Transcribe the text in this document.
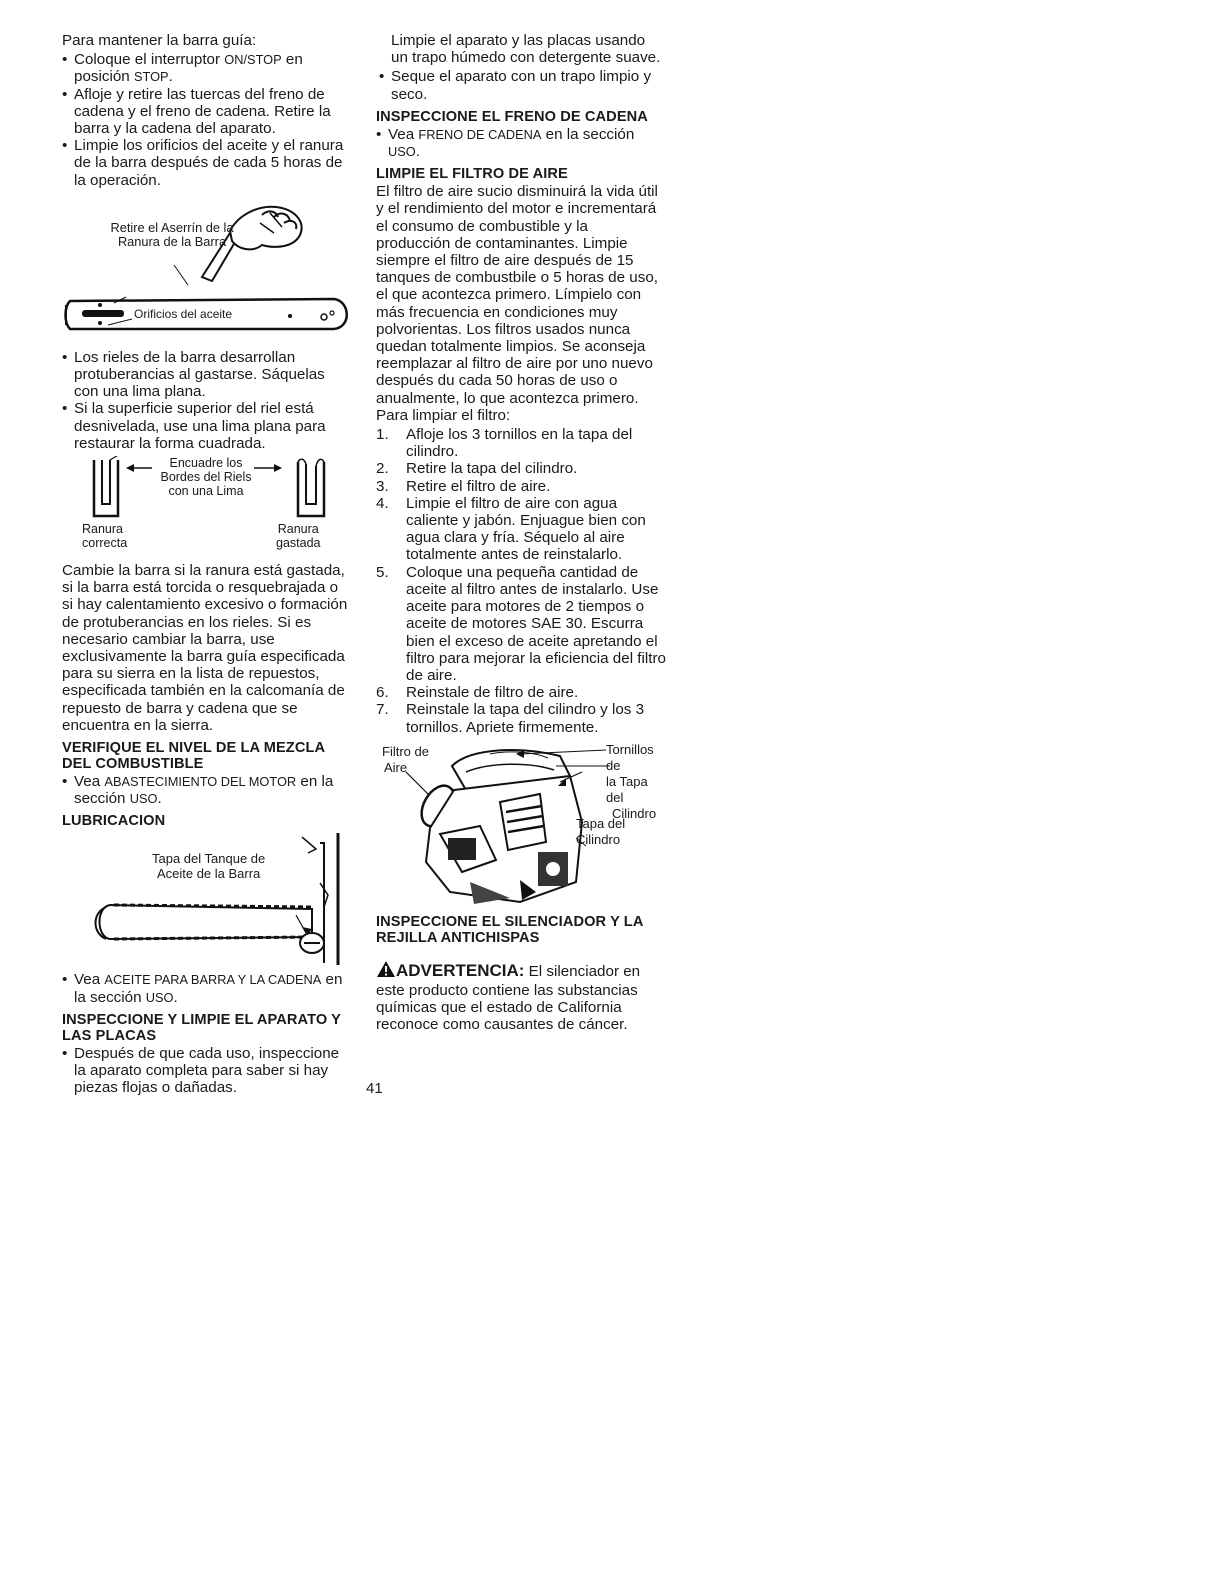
Para mantener la barra guía:

• Coloque el interruptor ON/STOP en posición STOP.
• Afloje y retire las tuercas del freno de cadena y el freno de cadena. Retire la barra y la cadena del aparato.
• Limpie los orificios del aceite y el ranura de la barra después de cada 5 horas de la operación.
Retire el Aserrín de la
Ranura de la Barra
Orificios del aceite
• Los rieles de la barra desarrollan protuberancias al gastarse. Sáquelas con una lima plana.
• Si la superficie superior del riel está desnivelada, use una lima plana para restaurar la forma cuadrada.
Encuadre los
Bordes del Riels
con una Lima
Ranura
correcta
Ranura
gastada

Cambie la barra si la ranura está gastada, si la barra está torcida o resquebrajada o si hay calentamiento excesivo o formación de protuberancias en los rieles. Si es necesario cambiar la barra, use exclusivamente la barra guía especificada para su sierra en la lista de repuestos, especificada también en la calcomanía de repuesto de barra y cadena que se encuentra en la sierra.

VERIFIQUE EL NIVEL DE LA MEZCLA DEL COMBUSTIBLE

• Vea ABASTECIMIENTO DEL MOTOR en la sección USO.

LUBRICACION

Tapa del Tanque de
Aceite de la Barra
• Vea ACEITE PARA BARRA Y LA CADENA en la sección USO.

INSPECCIONE Y LIMPIE EL APARATO Y LAS PLACAS

• Después de que cada uso, inspeccione la aparato completa para saber si hay piezas flojas o dañadas.

Limpie el aparato y las placas usando un trapo húmedo con detergente suave.

• Seque el aparato con un trapo limpio y seco.

INSPECCIONE EL FRENO DE CADENA

• Vea FRENO DE CADENA en la sección USO.

LIMPIE EL FILTRO DE AIRE

El filtro de aire sucio disminuirá la vida útil y el rendimiento del motor e incrementará el consumo de combustible y la producción de contaminantes. Limpie siempre el filtro de aire después de 15 tanques de combustbile o 5 horas de uso, el que acontezca primero. Límpielo con más frecuencia en condiciones muy polvorientas. Los filtros usados nunca quedan totalmente limpios. Se aconseja reemplazar al filtro de aire por uno nuevo después du cada 50 horas de uso o anualmente, lo que acontezca primero. Para limpiar el filtro:

1. Afloje los 3 tornillos en la tapa del cilindro.
2. Retire la tapa del cilindro.
3. Retire el filtro de aire.
4. Limpie el filtro de aire con agua caliente y jabón. Enjuague bien con agua clara y fría. Séquelo al aire totalmente antes de reinstalarlo.
5. Coloque una pequeña cantidad de aceite al filtro antes de instalarlo. Use aceite para motores de 2 tiempos o aceite de motores SAE 30. Escurra bien el exceso de aceite apretando el filtro para mejorar la eficiencia del filtro de aire.
6. Reinstale de filtro de aire.
7. Reinstale la tapa del cilindro y los 3 tornillos. Apriete firmemente.
Filtro de
Aire
Tornillos de
la Tapa del
Cilindro
Tapa del
Cilindro

INSPECCIONE EL SILENCIADOR Y LA REJILLA ANTICHISPAS

ADVERTENCIA: El silenciador en este producto contiene las substancias químicas que el estado de California reconoce como causantes de cáncer.

41
